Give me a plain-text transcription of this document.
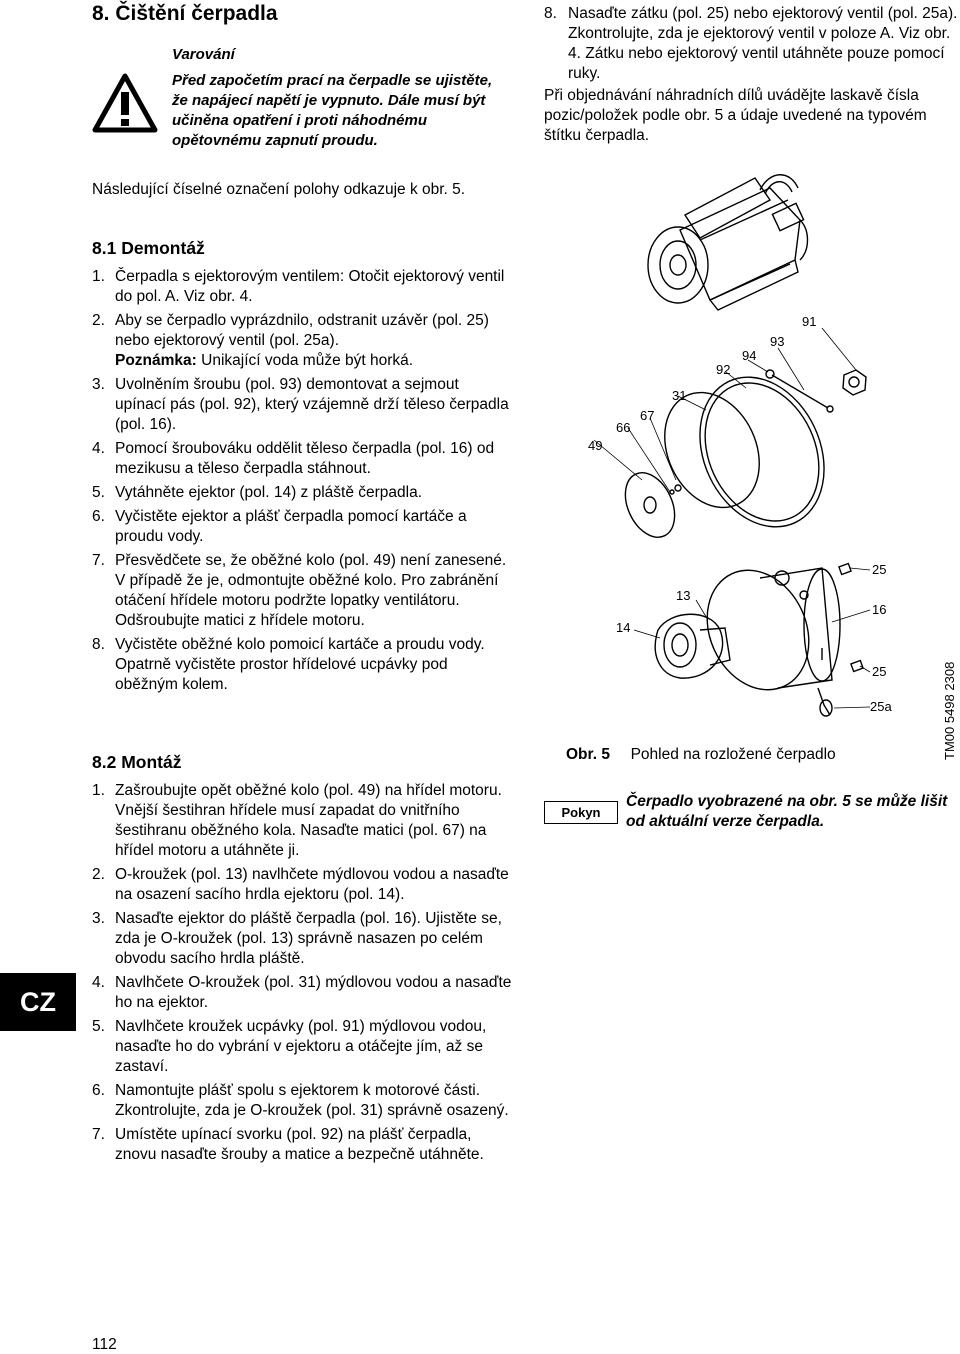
8. Čištění čerpadla
Varování
Před započetím prací na čerpadle se ujistěte, že napájecí napětí je vypnuto. Dále musí být učiněna opatření i proti náhodnému opětovnému zapnutí proudu.
Následující číselné označení polohy odkazuje k obr. 5.
8.1 Demontáž
1. Čerpadla s ejektorovým ventilem: Otočit ejektorový ventil do pol. A. Viz obr. 4.
2. Aby se čerpadlo vyprázdnilo, odstranit uzávěr (pol. 25) nebo ejektorový ventil (pol. 25a).
Poznámka: Unikající voda může být horká.
3. Uvolněním šroubu (pol. 93) demontovat a sejmout upínací pás (pol. 92), který vzájemně drží těleso čerpadla (pol. 16).
4. Pomocí šroubováku oddělit těleso čerpadla (pol. 16) od mezikusu a těleso čerpadla stáhnout.
5. Vytáhněte ejektor (pol. 14) z pláště čerpadla.
6. Vyčistěte ejektor a plášť čerpadla pomocí kartáče a proudu vody.
7. Přesvědčete se, že oběžné kolo (pol. 49) není zanesené. V případě že je, odmontujte oběžné kolo. Pro zabránění otáčení hřídele motoru podržte lopatky ventilátoru. Odšroubujte matici z hřídele motoru.
8. Vyčistěte oběžné kolo pomoicí kartáče a proudu vody. Opatrně vyčistěte prostor hřídelové ucpávky pod oběžným kolem.
8.2 Montáž
1. Zašroubujte opět oběžné kolo (pol. 49) na hřídel motoru. Vnější šestihran hřídele musí zapadat do vnitřního šestihranu oběžného kola. Nasaďte matici (pol. 67) na hřídel motoru a utáhněte ji.
2. O-kroužek (pol. 13) navlhčete mýdlovou vodou a nasaďte na osazení sacího hrdla ejektoru (pol. 14).
3. Nasaďte ejektor do pláště čerpadla (pol. 16). Ujistěte se, zda je O-kroužek (pol. 13) správně nasazen po celém obvodu sacího hrdla pláště.
4. Navlhčete O-kroužek (pol. 31) mýdlovou vodou a nasaďte ho na ejektor.
5. Navlhčete kroužek ucpávky (pol. 91) mýdlovou vodou, nasaďte ho do vybrání v ejektoru a otáčejte jím, až se zastaví.
6. Namontujte plášť spolu s ejektorem k motorové části. Zkontrolujte, zda je O-kroužek (pol. 31) správně osazený.
7. Umístěte upínací svorku (pol. 92) na plášť čerpadla, znovu nasaďte šrouby a matice a bezpečně utáhněte.
8. Nasaďte zátku (pol. 25) nebo ejektorový ventil (pol. 25a). Zkontrolujte, zda je ejektorový ventil v poloze A. Viz obr. 4. Zátku nebo ejektorový ventil utáhněte pouze pomocí ruky.
Při objednávání náhradních dílů uvádějte laskavě čísla pozic/položek podle obr. 5 a údaje uvedené na typovém štítku čerpadla.
91
93
94
92
31
67
66
49
25
16
13
14
25
25a	TM00 5498 2308
Obr. 5 Pohled na rozložené čerpadlo
Pokyn
Čerpadlo vyobrazené na obr. 5 se může lišit od aktuální verze čerpadla.
CZ
112
